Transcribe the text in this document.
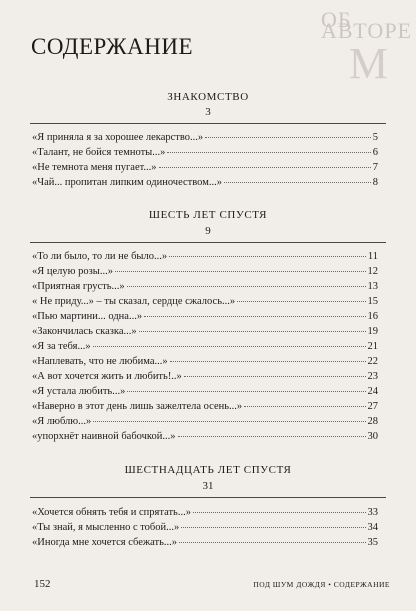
ОБ АВТОРЕ
М
СОДЕРЖАНИЕ
ЗНАКОМСТВО
3
«Я приняла я за хорошее лекарство...»	5
«Талант, не бойся темноты...»	6
«Не темнота меня пугает...»	7
«Чай... пропитан липким одиночеством...»	8
ШЕСТЬ ЛЕТ СПУСТЯ
9
«То ли было, то ли не было...»	11
«Я целую розы...»	12
«Приятная грусть...»	13
« Не приду...» – ты сказал, сердце сжалось...»	15
«Пью мартини... одна...»	16
«Закончилась сказка...»	19
«Я за тебя...»	21
«Наплевать, что не любима...»	22
«А вот хочется жить и любить!..»	23
«Я устала любить...»	24
«Наверно в этот день лишь зажелтела осень...»	27
«Я люблю...»	28
«упорхнёт наивной бабочкой...»	30
ШЕСТНАДЦАТЬ ЛЕТ СПУСТЯ
31
«Хочется обнять тебя и спрятать...»	33
«Ты знай, я мысленно с тобой...»	34
«Иногда мне хочется сбежать...»	35
152	ПОД ШУМ ДОЖДЯ • СОДЕРЖАНИЕ
